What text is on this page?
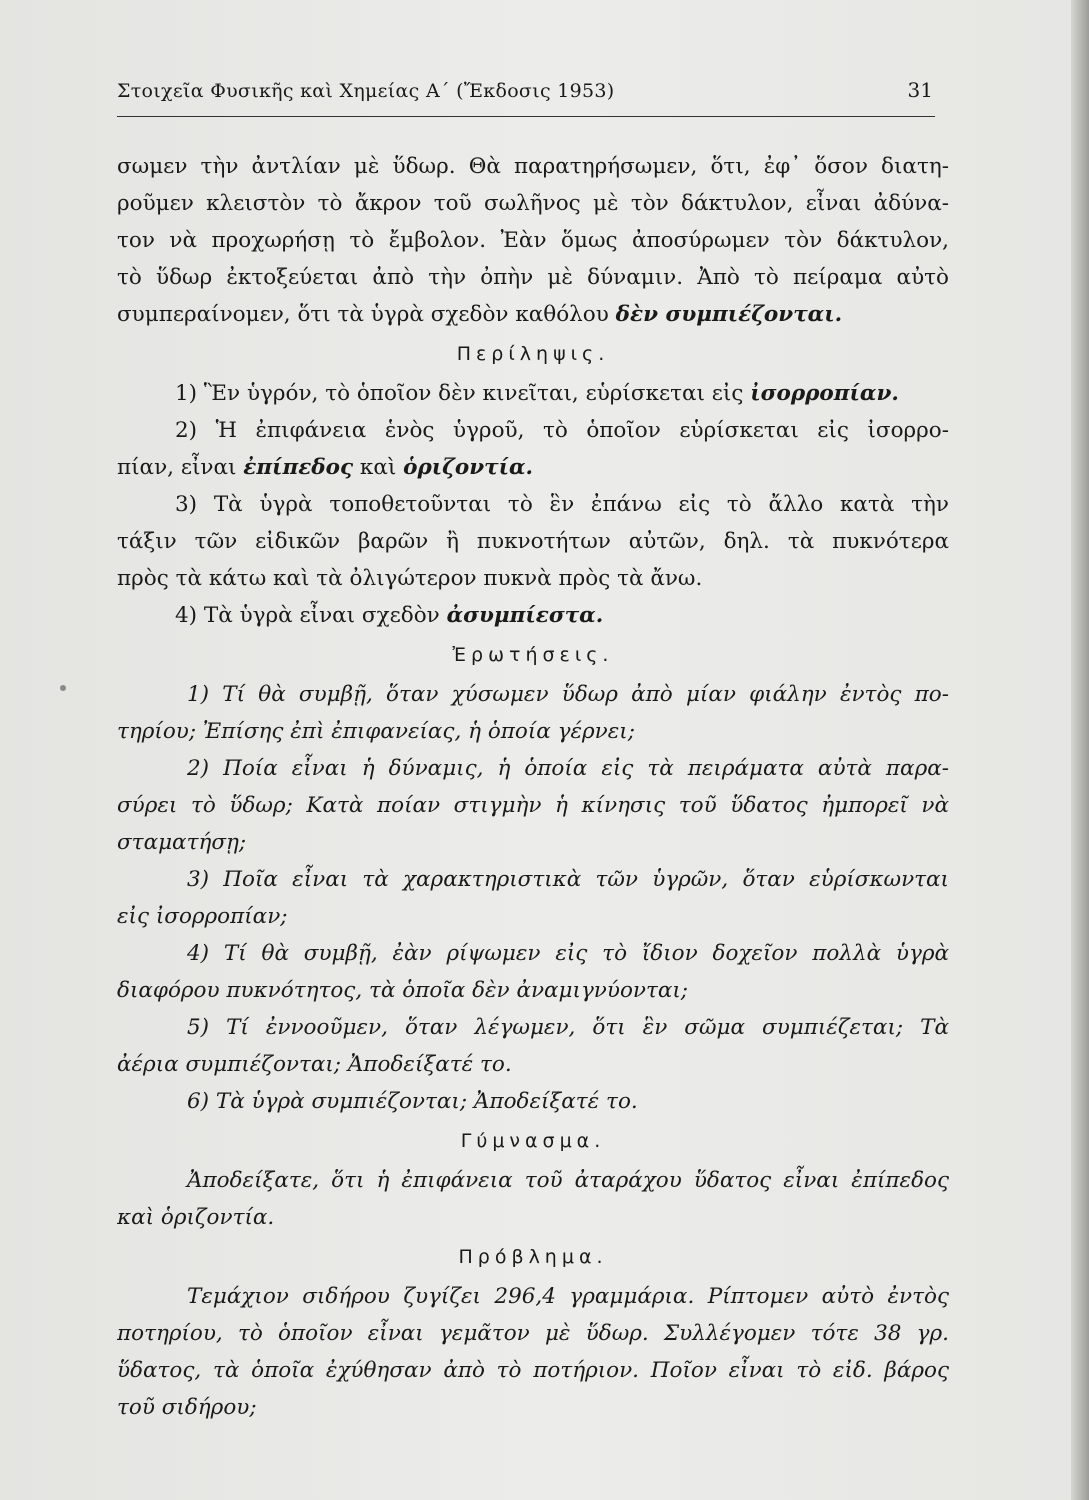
Στοιχεῖα Φυσικῆς καὶ Χημείας Α΄ (Ἔκδοσις 1953)	31
σωμεν τὴν ἀντλίαν μὲ ὕδωρ. Θὰ παρατηρήσωμεν, ὅτι, ἐφ᾽ ὅσον διατη-
ροῦμεν κλειστὸν τὸ ἄκρον τοῦ σωλῆνος μὲ τὸν δάκτυλον, εἶναι ἀδύνα-
τον νὰ προχωρήσῃ τὸ ἔμβολον. Ἐὰν ὅμως ἀποσύρωμεν τὸν δάκτυλον,
τὸ ὕδωρ ἐκτοξεύεται ἀπὸ τὴν ὀπὴν μὲ δύναμιν. Ἀπὸ τὸ πείραμα αὐτὸ
συμπεραίνομεν, ὅτι τὰ ὑγρὰ σχεδὸν καθόλου δὲν συμπιέζονται.
Περίληψις.
1) Ἓν ὑγρόν, τὸ ὁποῖον δὲν κινεῖται, εὑρίσκεται εἰς ἰσορροπίαν.
2) Ἡ ἐπιφάνεια ἑνὸς ὑγροῦ, τὸ ὁποῖον εὑρίσκεται εἰς ἰσορρο-
πίαν, εἶναι ἐπίπεδος καὶ ὁριζοντία.
3) Τὰ ὑγρὰ τοποθετοῦνται τὸ ἓν ἐπάνω εἰς τὸ ἄλλο κατὰ τὴν
τάξιν τῶν εἰδικῶν βαρῶν ἢ πυκνοτήτων αὐτῶν, δηλ. τὰ πυκνότερα
πρὸς τὰ κάτω καὶ τὰ ὀλιγώτερον πυκνὰ πρὸς τὰ ἄνω.
4) Τὰ ὑγρὰ εἶναι σχεδὸν ἀσυμπίεστα.
Ἐρωτήσεις.
1) Τί θὰ συμβῇ, ὅταν χύσωμεν ὕδωρ ἀπὸ μίαν φιάλην ἐντὸς πο-
τηρίου; Ἐπίσης ἐπὶ ἐπιφανείας, ἡ ὁποία γέρνει;
2) Ποία εἶναι ἡ δύναμις, ἡ ὁποία εἰς τὰ πειράματα αὐτὰ παρα-
σύρει τὸ ὕδωρ; Κατὰ ποίαν στιγμὴν ἡ κίνησις τοῦ ὕδατος ἠμπορεῖ νὰ
σταματήσῃ;
3) Ποῖα εἶναι τὰ χαρακτηριστικὰ τῶν ὑγρῶν, ὅταν εὑρίσκωνται
εἰς ἰσορροπίαν;
4) Τί θὰ συμβῇ, ἐὰν ρίψωμεν εἰς τὸ ἴδιον δοχεῖον πολλὰ ὑγρὰ
διαφόρου πυκνότητος, τὰ ὁποῖα δὲν ἀναμιγνύονται;
5) Τί ἐννοοῦμεν, ὅταν λέγωμεν, ὅτι ἓν σῶμα συμπιέζεται; Τὰ
ἀέρια συμπιέζονται; Ἀποδείξατέ το.
6) Τὰ ὑγρὰ συμπιέζονται; Ἀποδείξατέ το.
Γύμνασμα.
Ἀποδείξατε, ὅτι ἡ ἐπιφάνεια τοῦ ἀταράχου ὕδατος εἶναι ἐπίπεδος
καὶ ὁριζοντία.
Πρόβλημα.
Τεμάχιον σιδήρου ζυγίζει 296,4 γραμμάρια. Ρίπτομεν αὐτὸ ἐντὸς
ποτηρίου, τὸ ὁποῖον εἶναι γεμᾶτον μὲ ὕδωρ. Συλλέγομεν τότε 38 γρ.
ὕδατος, τὰ ὁποῖα ἐχύθησαν ἀπὸ τὸ ποτήριον. Ποῖον εἶναι τὸ εἰδ. βάρος
τοῦ σιδήρου;
